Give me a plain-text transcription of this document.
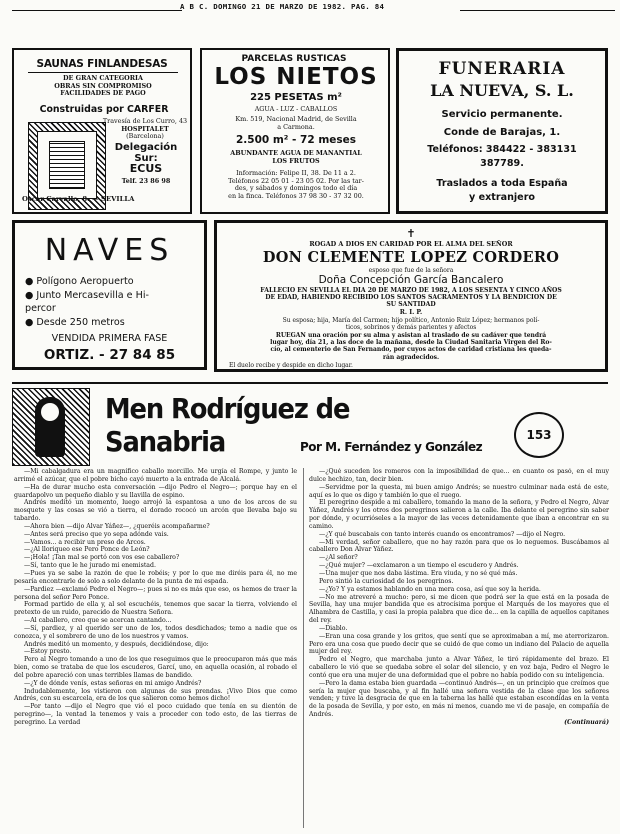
A B C. DOMINGO 21 DE MARZO DE 1982. PAG. 84
SAUNAS FINLANDESAS
DE GRAN CATEGORIA
OBRAS SIN COMPROMISO
FACILIDADES DE PAGO
Construidas por CARFER
Travesía de Los Curro, 43
HOSPITALET
(Barcelona)
Delegación Sur:
ECUS
Telf. 23 86 98
Oscar Carvallo, 8. — SEVILLA
PARCELAS RUSTICAS
LOS NIETOS
225 PESETAS m²
AGUA - LUZ - CABALLOS
Km. 519, Nacional Madrid, de Sevilla
a Carmona.
2.500 m² - 72 meses
ABUNDANTE AGUA DE MANANTIAL
LOS FRUTOS
Información: Felipe II, 38. De 11 a 2.
Teléfonos 22 05 01 - 23 05 02. Por las tar-
des, y sábados y domingos todo el día
en la finca. Teléfonos 37 98 30 - 37 32 00.
FUNERARIA
LA NUEVA, S. L.
Servicio permanente.
Conde de Barajas, 1.
Teléfonos: 384422 - 383131
387789.
Traslados a toda España
y extranjero
NAVES
● Polígono Aeropuerto
● Junto Mercasevilla e Hi-
percor
● Desde 250 metros
VENDIDA PRIMERA FASE
ORTIZ. - 27 84 85
✝
ROGAD A DIOS EN CARIDAD POR EL ALMA DEL SEÑOR
DON CLEMENTE LOPEZ CORDERO
esposo que fue de la señora
Doña Concepción García Bancalero
FALLECIO EN SEVILLA EL DIA 20 DE MARZO DE 1982, A LOS SESENTA Y CINCO AÑOS
DE EDAD, HABIENDO RECIBIDO LOS SANTOS SACRAMENTOS Y LA BENDICION DE
SU SANTIDAD
R. I. P.
Su esposa; hija, María del Carmen; hijo político, Antonio Ruiz López; hermanos polí-
ticos, sobrinos y demás parientes y afectos
RUEGAN una oración por su alma y asistan al traslado de su cadáver que tendrá
lugar hoy, día 21, a las doce de la mañana, desde la Ciudad Sanitaria Virgen del Ro-
cío, al cementerio de San Fernando, por cuyos actos de caridad cristiana les queda-
rán agradecidos.
El duelo recibe y despide en dicho lugar.
Men Rodríguez de Sanabria	Por M. Fernández y González
153

—Mi cabalgadura era un magnífico caballo morcillo. Me urgía el Rompe, y junto le arrimé el azúcar, que el pobre bicho cayó muerto a la entrada de Alcalá.

—Ha de durar mucho esta conversación —dijo Pedro el Negro—; porque hay en el guardapolvo un pequeño diablo y su llavilla de espino.

Andrés meditó un momento, luego arrojó la espantosa a uno de los arcos de su mosquete y las cosas se vió a tierra, el dorado rococó un arcón que llevaba bajo su tabardo.

—Ahora bien —dijo Alvar Yáñez—, ¿queréis acompañarme?

—Antes será preciso que yo sepa adónde vais.

—Vamos... a recibir un preso de Arcos.

—¿Al lloriqueo ese Pero Ponce de León?

—¡Hola! ¡Tan mal se portó con vos ese caballero?

—Sí, tanto que le he jurado mi enemistad.

—Pues ya se sabe la razón de que le robéis; y por lo que me diréis para él, no me pesaría encontrarle de solo a solo delante de la punta de mi espada.

—Pardiez —exclamó Pedro el Negro—; pues si no es más que eso, os hemos de traer la persona del señor Pero Ponce.

Formad partido de ella y, al sol escuchéis, tenemos que sacar la tierra, volviendo el pretexto de un ruido, parecido de Nuestra Señora.

—Al caballero, creo que se acercan cantando...

—Sí, pardiez, y al querido ser uno de los, todos desdichados; temo a nadie que os conozca, y el sombrero de uno de los nuestros y vamos.

Andrés meditó un momento, y después, decidiéndose, dijo:

—Estoy presto.

Pero al Negro tomando a uno de los que reseguimos que le preocuparon más que más bien, como se trataba de que los escuderos, Garcí, uno, en aquella ocasión, al robado el del pobre apareció con unas terribles llamas de bandido.

—¿Y de dónde venís, estas señoras en mi amigo Andrés?

Indudablemente, los vistieron con algunas de sus prendas. ¡Vivo Dios que como Andrés, con su escarcela, era de los que salieron como hemos dicho!

—Por tanto —dijo el Negro que vió el poco cuidado que tenía en su dientón de peregrino—, la ventad la tenemos y vais a proceder con todo esto, de las tierras de peregrino. La verdad

—¿Qué suceden los romeros con la imposibilidad de que... en cuanto os pasó, en el muy dulce hechizo, tan, decir bien.

—Servidme por la questa, mi buen amigo Andrés; se nuestro culminar nada está de este, aquí es lo que os digo y también lo que el ruego.

El peregrino despide a mi caballero, tomando la mano de la señora, y Pedro el Negro, Alvar Yáñez, Andrés y los otros dos peregrinos salieron a la calle. Iba delante el peregrino sin saber por dónde, y ocurrióseles a la mayor de las veces detenidamente que iban a encontrar en su camino.

—¿Y qué buscabais con tanto interés cuando os encontramos? —dijo el Negro.

—Mi verdad, señor caballero, que no hay razón para que os lo neguemos. Buscábamos al caballero Don Alvar Yáñez.

—¿Al señor?

—¿Qué mujer? —exclamaron a un tiempo el escudero y Andrés.

—Una mujer que nos daba lástima. Era viuda, y no sé qué más.

Pero sintió la curiosidad de los peregrinos.

—¿Yo? Y ya estamos hablando en una mera cosa, así que soy la herida.

—No me atreveré a mucho: pero, si me dicen que podrá ser la que está en la posada de Sevilla, hay una mujer bandida que es atrocísima porque el Marqués de los mayores que el Alhambra de Castilla, y casi la propia palabra que dice de... en la capilla de aquellos capitanes del rey.

—Diablo.

—Eran una cosa grande y los gritos, que sentí que se aproximaban a mí, me aterrorizaron. Pero era una cosa que puedo decir que se cuidó de que como un indiano del Palacio de aquella mujer del rey.

Pedro el Negro, que marchaba junto a Alvar Yáñez, le tiró rápidamente del brazo. El caballero le vió que se quedaba sobre el solar del silencio, y en voz baja, Pedro el Negro le contó que era una mujer de una deformidad que el pobre no había podido con su inteligencia.

—Pero la dama estaba bien guardada —continuó Andrés—, en un principio que creímos que sería la mujer que buscaba, y al fin hallé una señora vestida de la clase que los señores venden; y tuve la desgracia de que en la taberna las hallé que estaban escondidas en la venta de la posada de Sevilla, y por esto, en más ni menos, cuando me vi de pasaje, en compañía de Andrés.

(Continuará)
